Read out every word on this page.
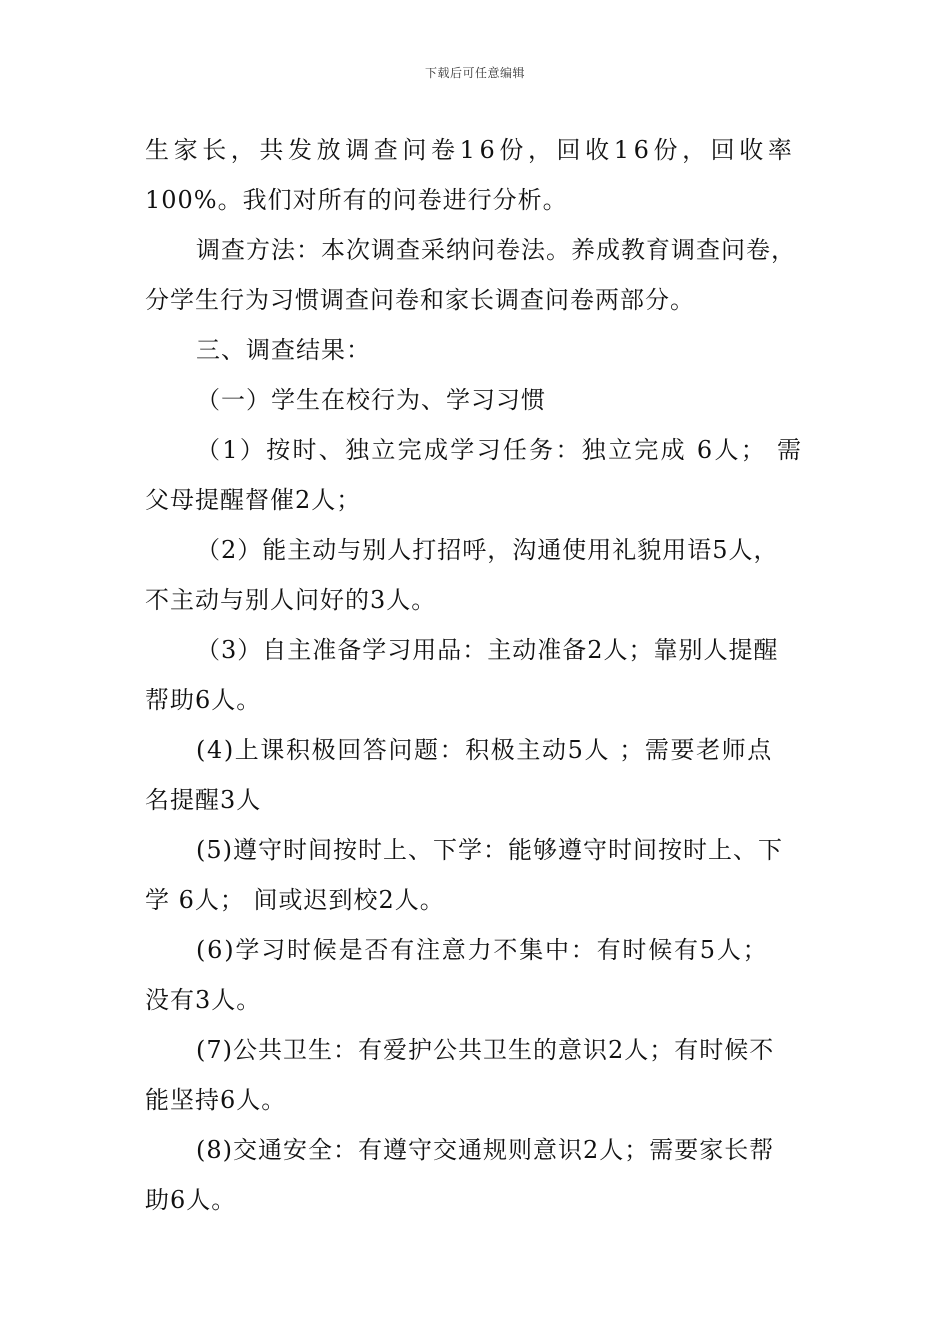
下载后可任意编辑
生家长，共发放调查问卷16份，回收16份，回收率
100%。我们对所有的问卷进行分析。
调查方法：本次调查采纳问卷法。养成教育调查问卷，
分学生行为习惯调查问卷和家长调查问卷两部分。
三、调查结果：
（一）学生在校行为、学习习惯
（1）按时、独立完成学习任务：独立完成 6人； 需
父母提醒督催2人；
（2）能主动与别人打招呼，沟通使用礼貌用语5人，
不主动与别人问好的3人。
（3）自主准备学习用品：主动准备2人；靠别人提醒
帮助6人。
(4)上课积极回答问题：积极主动5人 ；需要老师点
名提醒3人
(5)遵守时间按时上、下学：能够遵守时间按时上、下
学 6人； 间或迟到校2人。
(6)学习时候是否有注意力不集中：有时候有5人；
没有3人。
(7)公共卫生：有爱护公共卫生的意识2人；有时候不
能坚持6人。
(8)交通安全：有遵守交通规则意识2人；需要家长帮
助6人。
